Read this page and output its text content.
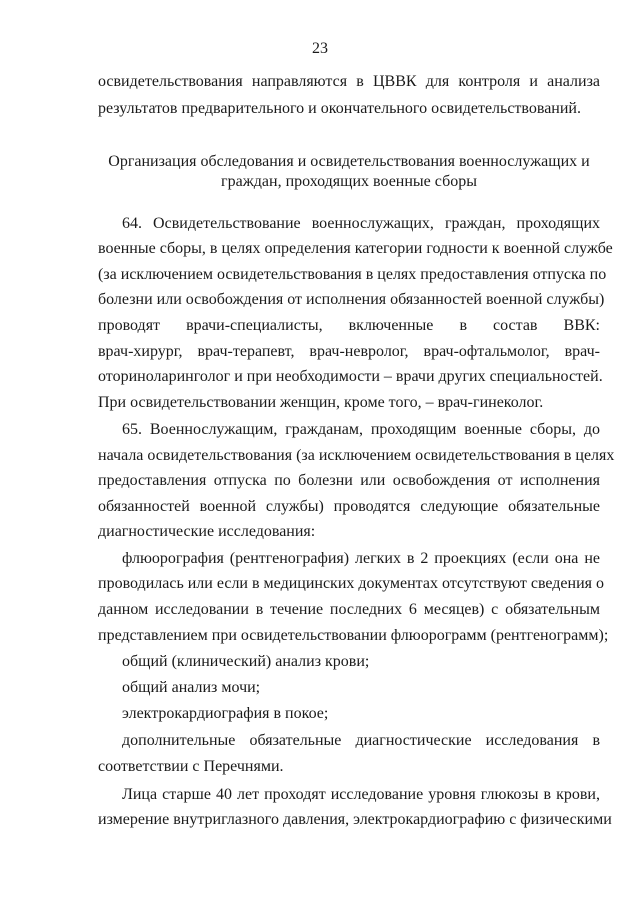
23
освидетельствования направляются в ЦВВК для контроля и анализа
результатов предварительного и окончательного освидетельствований.
Организация обследования и освидетельствования военнослужащих и
граждан, проходящих военные сборы
64. Освидетельствование военнослужащих, граждан, проходящих
военные сборы, в целях определения категории годности к военной службе
(за исключением освидетельствования в целях предоставления отпуска по
болезни или освобождения от исполнения обязанностей военной службы)
проводят врачи-специалисты, включенные в состав ВВК:
врач-хирург, врач-терапевт, врач-невролог, врач-офтальмолог, врач-
оториноларинголог и при необходимости – врачи других специальностей.
При освидетельствовании женщин, кроме того, – врач-гинеколог.
65. Военнослужащим, гражданам, проходящим военные сборы, до
начала освидетельствования (за исключением освидетельствования в целях
предоставления отпуска по болезни или освобождения от исполнения
обязанностей военной службы) проводятся следующие обязательные
диагностические исследования:
флюорография (рентгенография) легких в 2 проекциях (если она не
проводилась или если в медицинских документах отсутствуют сведения о
данном исследовании в течение последних 6 месяцев) с обязательным
представлением при освидетельствовании флюорограмм (рентгенограмм);
общий (клинический) анализ крови;
общий анализ мочи;
электрокардиография в покое;
дополнительные обязательные диагностические исследования в
соответствии с Перечнями.
Лица старше 40 лет проходят исследование уровня глюкозы в крови,
измерение внутриглазного давления, электрокардиографию с физическими
